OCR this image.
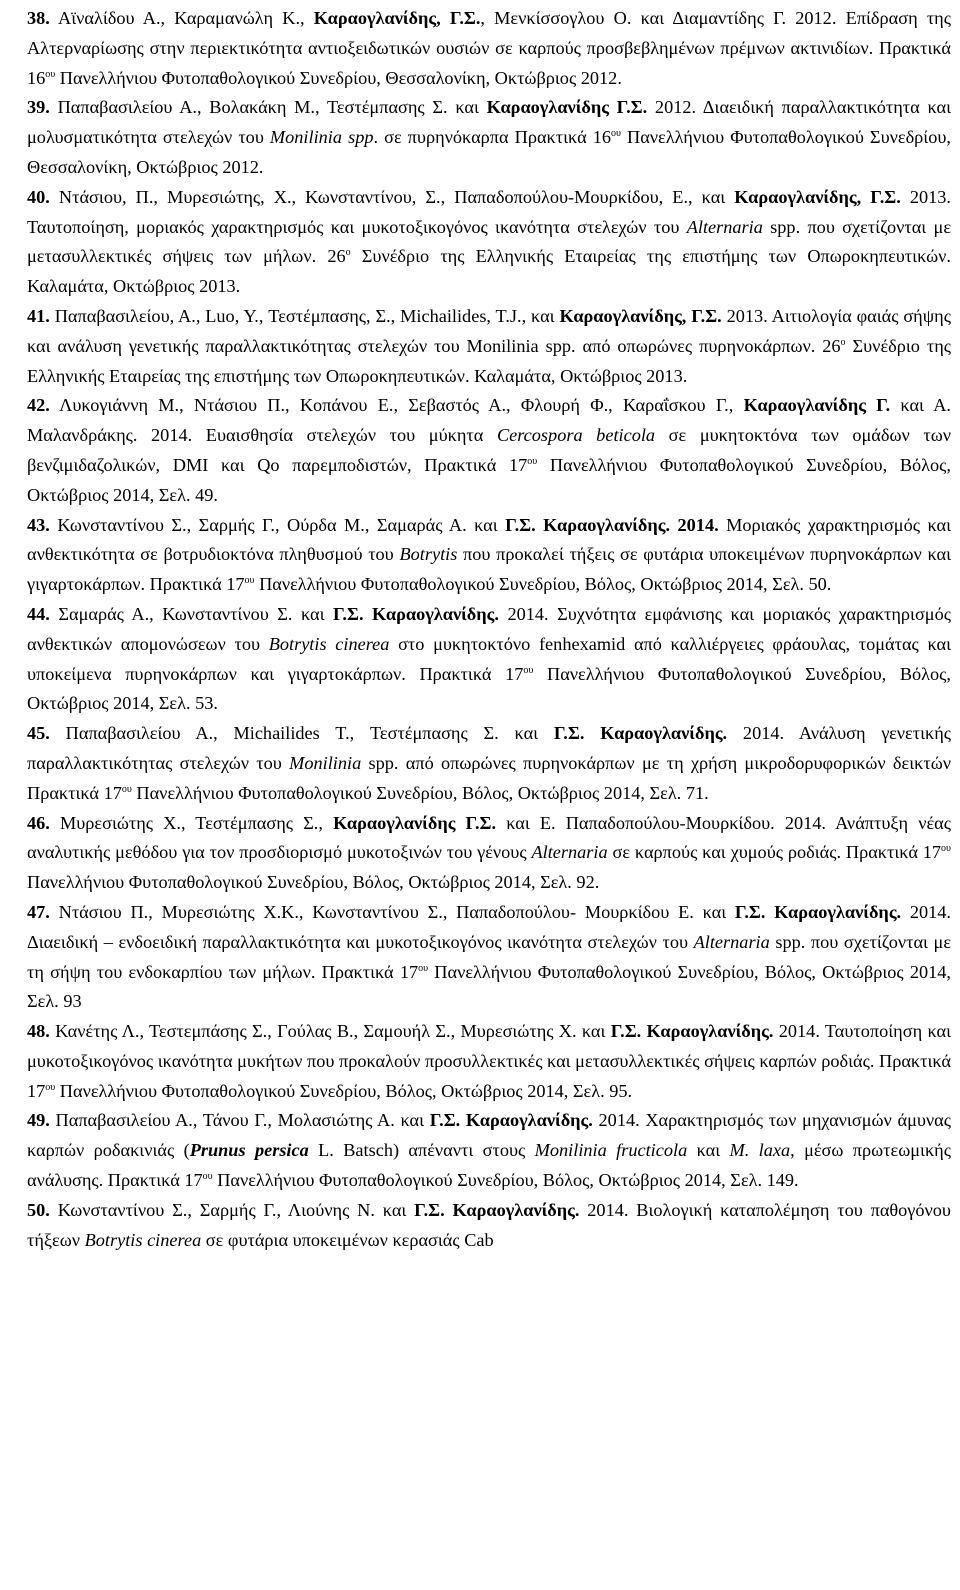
38. Αϊναλίδου Α., Καραμανώλη Κ., Καραογλανίδης, Γ.Σ., Μενκίσσογλου Ο. και Διαμαντίδης Γ. 2012. Επίδραση της Αλτερναρίωσης στην περιεκτικότητα αντιοξειδωτικών ουσιών σε καρπούς προσβεβλημένων πρέμνων ακτινιδίων. Πρακτικά $16^{o\upsilon}$ Πανελλήνιου Φυτοπαθολογικού Συνεδρίου, Θεσσαλονίκη, Οκτώβριος 2012.

39. Παπαβασιλείου Α., Βολακάκη Μ., Τεστέμπασης Σ. και Καραογλανίδης Γ.Σ. 2012. Διαειδική παραλλακτικότητα και μολυσματικότητα στελεχών του Monilinia spp. σε πυρηνόκαρπα Πρακτικά $16^{o\upsilon}$ Πανελλήνιου Φυτοπαθολογικού Συνεδρίου, Θεσσαλονίκη, Οκτώβριος 2012.

40. Ντάσιου, Π., Μυρεσιώτης, Χ., Κωνσταντίνου, Σ., Παπαδοπούλου-Μουρκίδου, Ε., και Καραογλανίδης, Γ.Σ. 2013. Ταυτοποίηση, μοριακός χαρακτηρισμός και μυκοτοξικογόνος ικανότητα στελεχών του Alternaria spp. που σχετίζονται με μετασυλλεκτικές σήψεις των μήλων. $26^o$ Συνέδριο της Ελληνικής Εταιρείας της επιστήμης των Οπωροκηπευτικών. Καλαμάτα, Οκτώβριος 2013.

41. Παπαβασιλείου, Α., Luo, Y., Τεστέμπασης, Σ., Michailides, T.J., και Καραογλανίδης, Γ.Σ. 2013. Αιτιολογία φαιάς σήψης και ανάλυση γενετικής παραλλακτικότητας στελεχών του Monilinia spp. από οπωρώνες πυρηνοκάρπων. $26^o$ Συνέδριο της Ελληνικής Εταιρείας της επιστήμης των Οπωροκηπευτικών. Καλαμάτα, Οκτώβριος 2013.

42. Λυκογιάννη Μ., Ντάσιου Π., Κοπάνου Ε., Σεβαστός Α., Φλουρή Φ., Καραΐσκου Γ., Καραογλανίδης Γ. και Α. Μαλανδράκης. 2014. Ευαισθησία στελεχών του μύκητα Cercospora beticola σε μυκητοκτόνα των ομάδων των βενζιμιδαζολικών, DMI και Qo παρεμποδιστών, Πρακτικά $17^{o\upsilon}$ Πανελλήνιου Φυτοπαθολογικού Συνεδρίου, Βόλος, Οκτώβριος 2014, Σελ. 49.

43. Κωνσταντίνου Σ., Σαρμής Γ., Ούρδα Μ., Σαμαράς Α. και Γ.Σ. Καραογλανίδης. 2014. Μοριακός χαρακτηρισμός και ανθεκτικότητα σε βοτρυδιοκτόνα πληθυσμού του Botrytis που προκαλεί τήξεις σε φυτάρια υποκειμένων πυρηνοκάρπων και γιγαρτοκάρπων. Πρακτικά $17^{o\upsilon}$ Πανελλήνιου Φυτοπαθολογικού Συνεδρίου, Βόλος, Οκτώβριος 2014, Σελ. 50.

44. Σαμαράς Α., Κωνσταντίνου Σ. και Γ.Σ. Καραογλανίδης. 2014. Συχνότητα εμφάνισης και μοριακός χαρακτηρισμός ανθεκτικών απομονώσεων του Botrytis cinerea στο μυκητοκτόνο fenhexamid από καλλιέργειες φράουλας, τομάτας και υποκείμενα πυρηνοκάρπων και γιγαρτοκάρπων. Πρακτικά $17^{o\upsilon}$ Πανελλήνιου Φυτοπαθολογικού Συνεδρίου, Βόλος, Οκτώβριος 2014, Σελ. 53.

45. Παπαβασιλείου Α., Michailides T., Τεστέμπασης Σ. και Γ.Σ. Καραογλανίδης. 2014. Ανάλυση γενετικής παραλλακτικότητας στελεχών του Monilinia spp. από οπωρώνες πυρηνοκάρπων με τη χρήση μικροδορυφορικών δεικτών Πρακτικά $17^{o\upsilon}$ Πανελλήνιου Φυτοπαθολογικού Συνεδρίου, Βόλος, Οκτώβριος 2014, Σελ. 71.

46. Μυρεσιώτης Χ., Τεστέμπασης Σ., Καραογλανίδης Γ.Σ. και Ε. Παπαδοπούλου-Μουρκίδου. 2014. Ανάπτυξη νέας αναλυτικής μεθόδου για τον προσδιορισμό μυκοτοξινών του γένους Alternaria σε καρπούς και χυμούς ροδιάς. Πρακτικά $17^{o\upsilon}$ Πανελλήνιου Φυτοπαθολογικού Συνεδρίου, Βόλος, Οκτώβριος 2014, Σελ. 92.

47. Ντάσιου Π., Μυρεσιώτης Χ.Κ., Κωνσταντίνου Σ., Παπαδοπούλου- Μουρκίδου Ε. και Γ.Σ. Καραογλανίδης. 2014. Διαειδική – ενδοειδική παραλλακτικότητα και μυκοτοξικογόνος ικανότητα στελεχών του Alternaria spp. που σχετίζονται με τη σήψη του ενδοκαρπίου των μήλων. Πρακτικά $17^{o\upsilon}$ Πανελλήνιου Φυτοπαθολογικού Συνεδρίου, Βόλος, Οκτώβριος 2014, Σελ. 93

48. Κανέτης Λ., Τεστεμπάσης Σ., Γούλας Β., Σαμουήλ Σ., Μυρεσιώτης Χ. και Γ.Σ. Καραογλανίδης. 2014. Ταυτοποίηση και μυκοτοξικογόνος ικανότητα μυκήτων που προκαλούν προσυλλεκτικές και μετασυλλεκτικές σήψεις καρπών ροδιάς. Πρακτικά $17^{o\upsilon}$ Πανελλήνιου Φυτοπαθολογικού Συνεδρίου, Βόλος, Οκτώβριος 2014, Σελ. 95.

49. Παπαβασιλείου Α., Τάνου Γ., Μολασιώτης Α. και Γ.Σ. Καραογλανίδης. 2014. Χαρακτηρισμός των μηχανισμών άμυνας καρπών ροδακινιάς (Prunus persica L. Batsch) απέναντι στους Monilinia fructicola και M. laxa, μέσω πρωτεωμικής ανάλυσης. Πρακτικά $17^{o\upsilon}$ Πανελλήνιου Φυτοπαθολογικού Συνεδρίου, Βόλος, Οκτώβριος 2014, Σελ. 149.

50. Κωνσταντίνου Σ., Σαρμής Γ., Λιούνης Ν. και Γ.Σ. Καραογλανίδης. 2014. Βιολογική καταπολέμηση του παθογόνου τήξεων Botrytis cinerea σε φυτάρια υποκειμένων κερασιάς Cab
